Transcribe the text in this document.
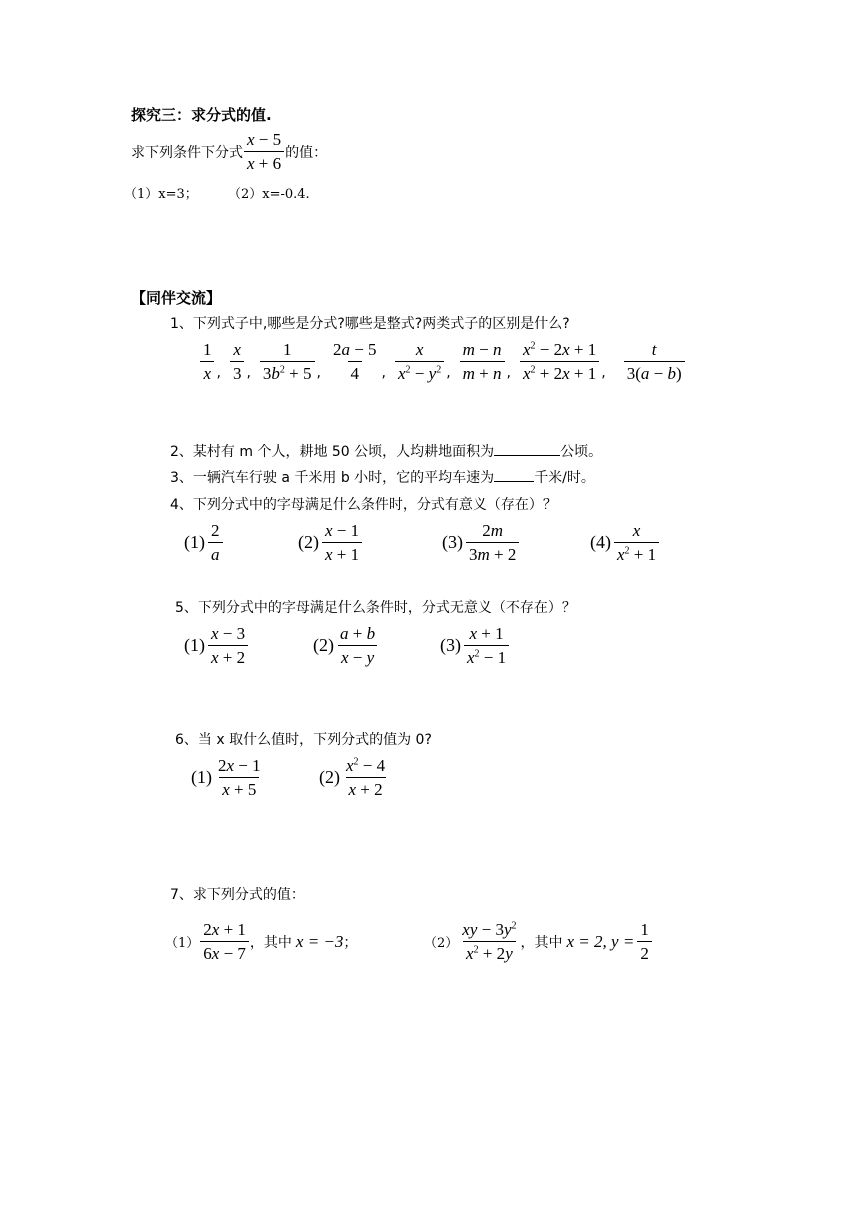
探究三：求分式的值.
求下列条件下分式 $\frac{x - 5}{x + 6}$ 的值：
（1）x=3； （2）x=-0.4.
【同伴交流】
1、下列式子中,哪些是分式?哪些是整式?两类式子的区别是什么?
$\frac{1}{x}$ , $\frac{x}{3}$ , $\frac{1}{3b^2 + 5}$ , $\frac{2a - 5}{4}$ , $\frac{x}{x^2 - y^2}$ , $\frac{m - n}{m + n}$ , $\frac{x^2 - 2x + 1}{x^2 + 2x + 1}$ , $\frac{t}{3(a - b)}$
2、某村有 m 个人，耕地 50 公顷，人均耕地面积为	公顷。
3、一辆汽车行驶 a 千米用 b 小时，它的平均车速为	千米/时。
4、下列分式中的字母满足什么条件时，分式有意义（存在）？
$(1) \frac{2}{a}$	$(2) \frac{x - 1}{x + 1}$	$(3) \frac{2m}{3m + 2}$	$(4) \frac{x}{x^2 + 1}$
5、下列分式中的字母满足什么条件时，分式无意义（不存在）？
$(1) \frac{x - 3}{x + 2}$	$(2) \frac{a + b}{x - y}$	$(3) \frac{x + 1}{x^2 - 1}$
6、当 x 取什么值时，下列分式的值为 0?
$(1) \frac{2x - 1}{x + 5}$	$(2) \frac{x^2 - 4}{x + 2}$
7、求下列分式的值：
$(1) \frac{2x + 1}{6x - 7}$ ，其中 x = −3 ；	$(2) \frac{xy - 3y^2}{x^2 + 2y}$ ，其中 x = 2, $y = \frac{1}{2}$
